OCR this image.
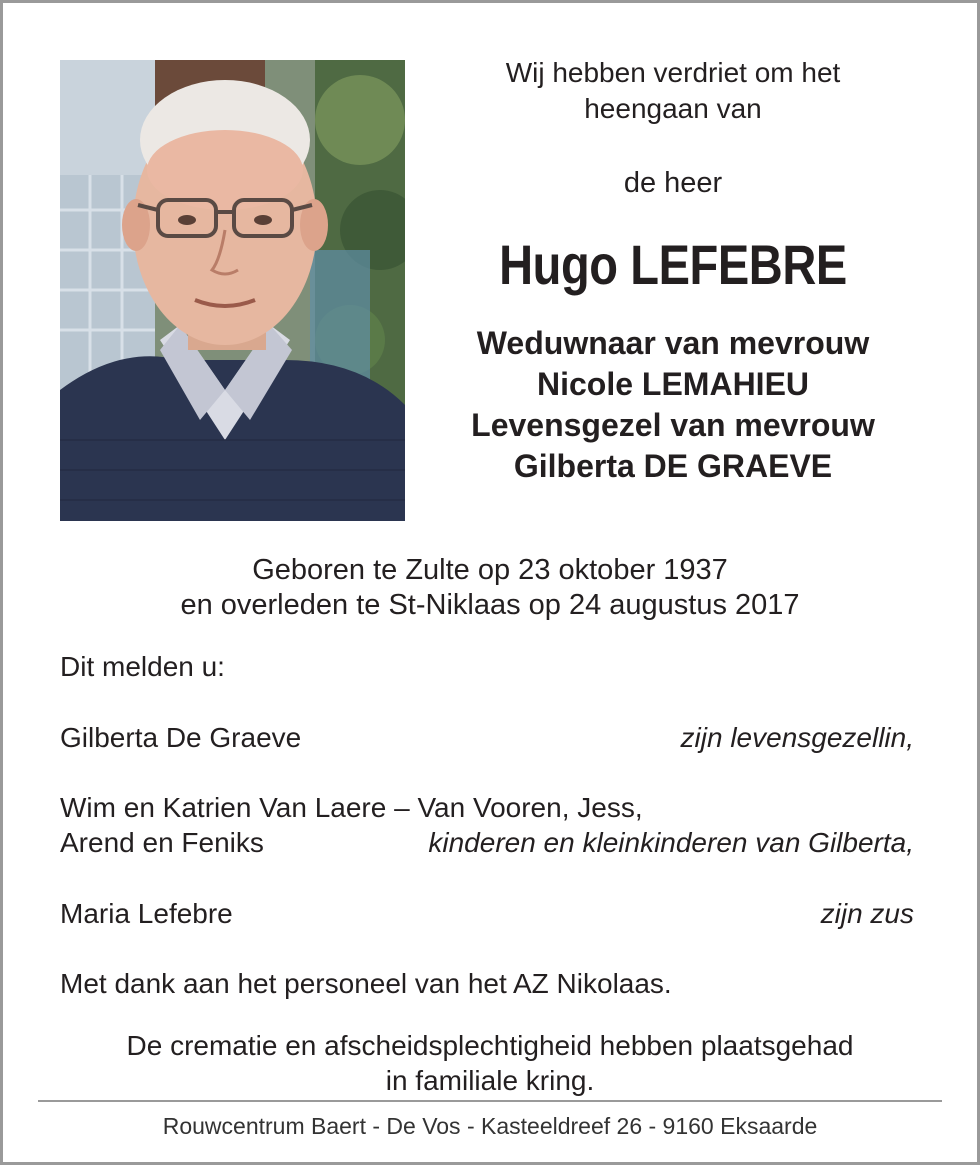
Wij hebben verdriet om het

heengaan van

de heer
Hugo LEFEBRE
Weduwnaar van mevrouw
Nicole LEMAHIEU
Levensgezel van mevrouw
Gilberta DE GRAEVE
Geboren te Zulte op 23 oktober 1937
en overleden te St-Niklaas op 24 augustus 2017
Dit melden u:
Gilberta De Graeve	zijn levensgezellin,
Wim en Katrien Van Laere – Van Vooren, Jess,
Arend en Feniks	kinderen en kleinkinderen van Gilberta,
Maria Lefebre	zijn zus
Met dank aan het personeel van het AZ Nikolaas.
De crematie en afscheidsplechtigheid hebben plaatsgehad
in familiale kring.
Rouwcentrum Baert - De Vos - Kasteeldreef 26 - 9160 Eksaarde
